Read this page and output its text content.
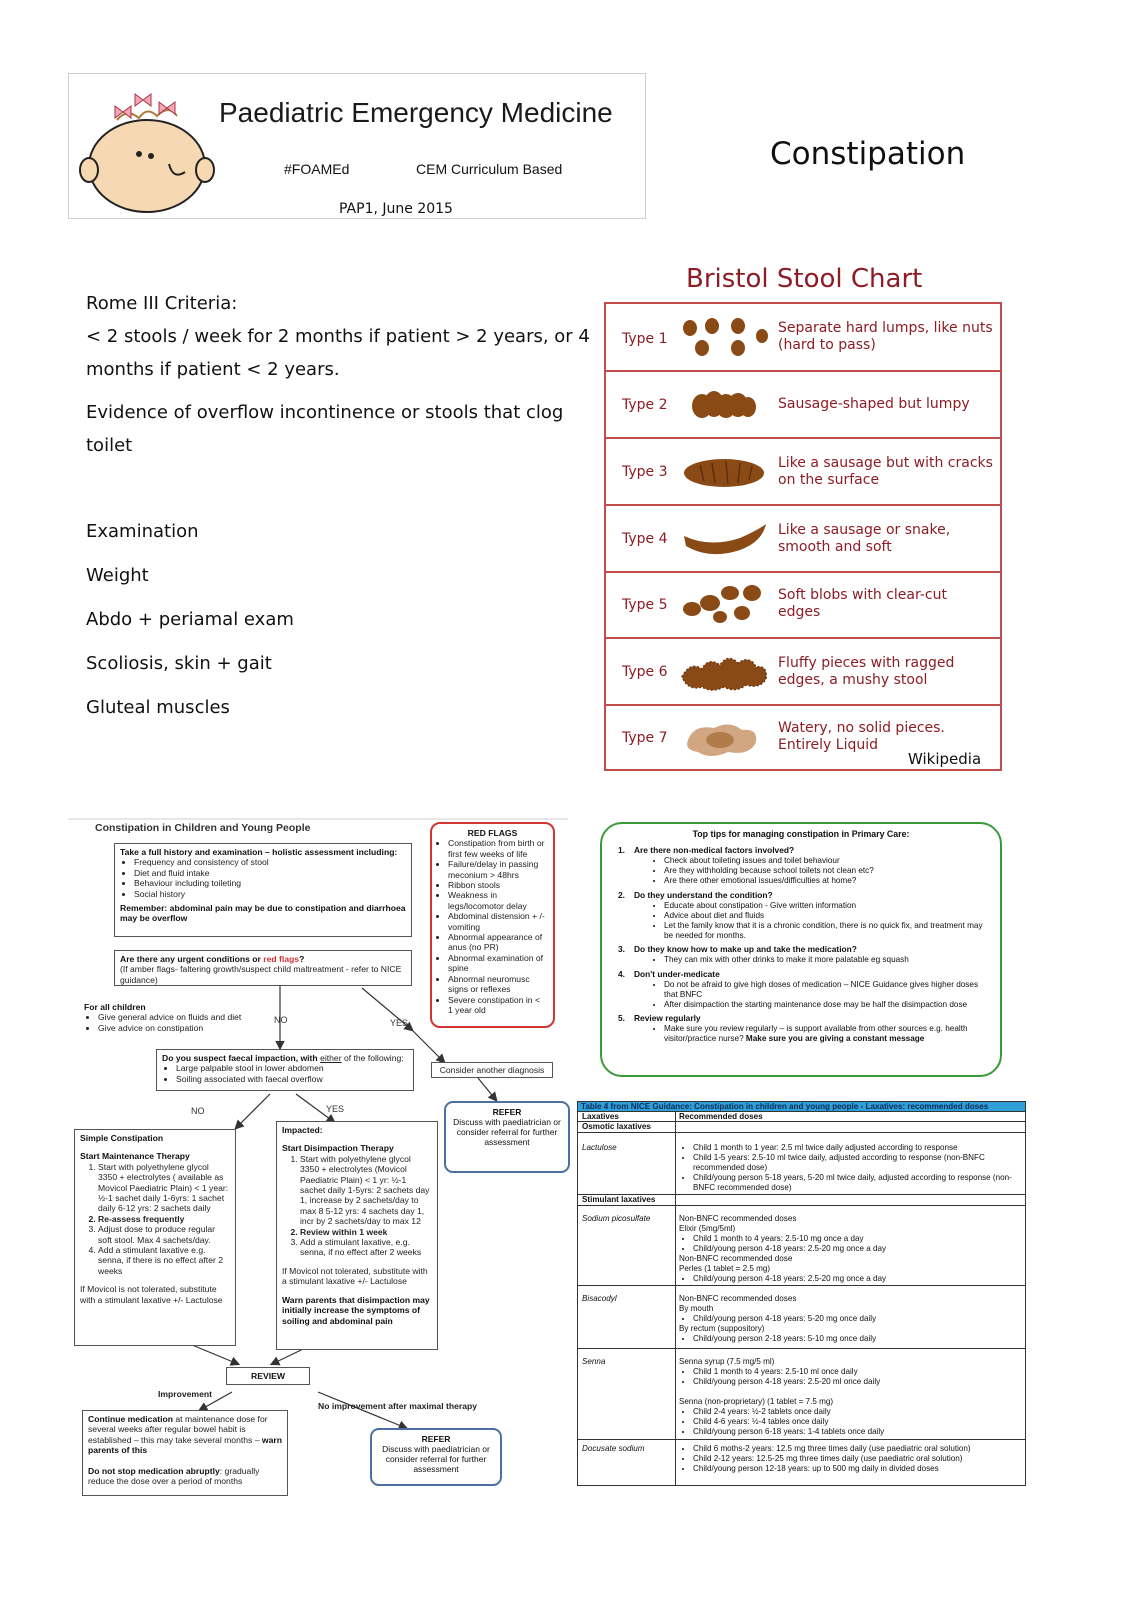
Paediatric Emergency Medicine
#FOAMEd	CEM Curriculum Based
PAP1, June 2015
Constipation
Rome III Criteria:
< 2 stools / week for 2 months if patient > 2 years, or 4 months if patient < 2 years.
Evidence of overflow incontinence or stools that clog toilet
Examination
Weight
Abdo + periamal exam
Scoliosis, skin + gait
Gluteal muscles
Bristol Stool Chart
Type 1
Separate hard lumps, like nuts (hard to pass)
Type 2	Sausage-shaped but lumpy
Type 3
Like a sausage but with cracks on the surface
Type 4
Like a sausage or snake, smooth and soft
Type 5
Soft blobs with clear-cut edges
Type 6
Fluffy pieces with ragged edges, a mushy stool
Type 7
Watery, no solid pieces. Entirely Liquid
Wikipedia
Constipation in Children and Young People
Take a full history and examination – holistic assessment including:
• Frequency and consistency of stool
• Diet and fluid intake
• Behaviour including toileting
• Social history
Remember: abdominal pain may be due to constipation and diarrhoea may be overflow
Are there any urgent conditions or red flags?
(If amber flags- faltering growth/suspect child maltreatment - refer to NICE guidance)
RED FLAGS
• Constipation from birth or first few weeks of life
• Failure/delay in passing meconium > 48hrs
• Ribbon stools
• Weakness in legs/locomotor delay
• Abdominal distension + /-vomiting
• Abnormal appearance of anus (no PR)
• Abnormal examination of spine
• Abnormal neuromusc signs or reflexes
• Severe constipation in < 1 year old
For all children
• Give general advice on fluids and diet
• Give advice on constipation
NO	YES
Consider another diagnosis
Do you suspect faecal impaction, with either of the following:
• Large palpable stool in lower abdomen
• Soiling associated with faecal overflow
NO	YES	REFER
Discuss with paediatrician or consider referral for further assessment
Simple Constipation
Start Maintenance Therapy
1. Start with polyethylene glycol 3350 + electrolytes ( available as Movicol Paediatric Plain) < 1 year: ½-1 sachet daily 1-6yrs: 1 sachet daily 6-12 yrs: 2 sachets daily
2. Re-assess frequently
3. Adjust dose to produce regular soft stool. Max 4 sachets/day.
4. Add a stimulant laxative e.g. senna, if there is no effect after 2 weeks
If Movicol is not tolerated, substitute with a stimulant laxative +/- Lactulose
Impacted:
Start Disimpaction Therapy
1. Start with polyethylene glycol 3350 + electrolytes (Movicol Paediatric Plain) < 1 yr: ½-1 sachet daily 1-5yrs: 2 sachets day 1, increase by 2 sachets/day to max 8 5-12 yrs: 4 sachets day 1, incr by 2 sachets/day to max 12
2. Review within 1 week
3. Add a stimulant laxative, e.g. senna, if no effect after 2 weeks
If Movicol not tolerated, substitute with a stimulant laxative +/- Lactulose
Warn parents that disimpaction may initially increase the symptoms of soiling and abdominal pain
REVIEW
Improvement
No improvement after maximal therapy
Continue medication at maintenance dose for several weeks after regular bowel habit is established – this may take several months – warn parents of this
Do not stop medication abruptly: gradually reduce the dose over a period of months
REFER
Discuss with paediatrician or consider referral for further assessment
Top tips for managing constipation in Primary Care:
1. Are there non-medical factors involved?
• Check about toileting issues and toilet behaviour
• Are they withholding because school toilets not clean etc?
• Are there other emotional issues/difficulties at home?
2. Do they understand the condition?
• Educate about constipation - Give written information
• Advice about diet and fluids
• Let the family know that it is a chronic condition, there is no quick fix, and treatment may be needed for months.
3. Do they know how to make up and take the medication?
• They can mix with other drinks to make it more palatable eg squash
4. Don't under-medicate
• Do not be afraid to give high doses of medication – NICE Guidance gives higher doses that BNFC
• After disimpaction the starting maintenance dose may be half the disimpaction dose
5. Review regularly
• Make sure you review regularly – is support available from other sources e.g. health visitor/practice nurse? Make sure you are giving a constant message
Table 4 from NICE Guidance: Constipation in children and young people - Laxatives: recommended doses
Laxatives	Recommended doses
Osmotic laxatives
Lactulose	• Child 1 month to 1 year: 2.5 ml twice daily adjusted according to response
• Child 1-5 years: 2.5-10 ml twice daily, adjusted according to response (non-BNFC recommended dose)
• Child/young person 5-18 years, 5-20 ml twice daily, adjusted according to response (non-BNFC recommended dose)
Stimulant laxatives
Sodium picosulfate	Non-BNFC recommended doses
Elixir (5mg/5ml)
• Child 1 month to 4 years: 2.5-10 mg once a day
• Child/young person 4-18 years: 2.5-20 mg once a day
Non-BNFC recommended dose
Perles (1 tablet = 2.5 mg)
• Child/young person 4-18 years: 2.5-20 mg once a day
Bisacodyl	Non-BNFC recommended doses
By mouth
• Child/young person 4-18 years: 5-20 mg once daily
By rectum (suppository)
• Child/young person 2-18 years: 5-10 mg once daily
Senna	Senna syrup (7.5 mg/5 ml)
• Child 1 month to 4 years: 2.5-10 ml once daily
• Child/young person 4-18 years: 2.5-20 ml once daily
Senna (non-proprietary) (1 tablet = 7.5 mg)
• Child 2-4 years: ½-2 tablets once daily
• Child 4-6 years: ½-4 tables once daily
• Child/young person 6-18 years: 1-4 tablets once daily
Docusate sodium	• Child 6 moths-2 years: 12.5 mg three times daily (use paediatric oral solution)
• Child 2-12 years: 12.5-25 mg three times daily (use paediatric oral solution)
• Child/young person 12-18 years: up to 500 mg daily in divided doses
